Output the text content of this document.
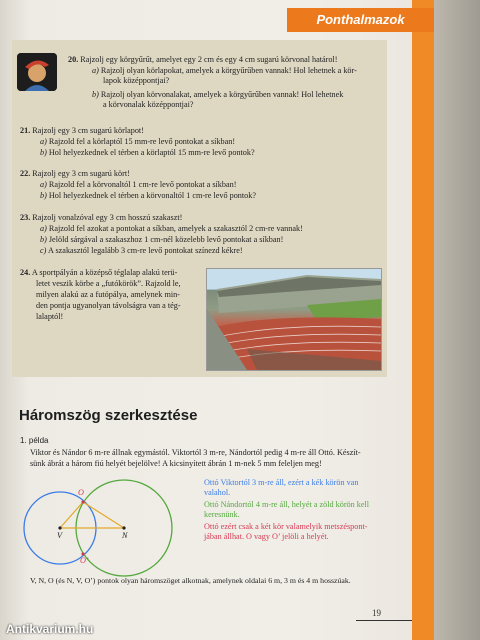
Ponthalmazok
20. Rajzolj egy körgyűrűt, amelyet egy 2 cm és egy 4 cm sugarú körvonal határol!
a) Rajzolj olyan körlapokat, amelyek a körgyűrűben vannak! Hol lehetnek a kör-
lapok középpontjai?
b) Rajzolj olyan körvonalakat, amelyek a körgyűrűben vannak! Hol lehetnek
a körvonalak középpontjai?
21. Rajzolj egy 3 cm sugarú körlapot!
a) Rajzold fel a körlaptól 15 mm-re levő pontokat a síkban!
b) Hol helyezkednek el térben a körlaptól 15 mm-re levő pontok?
22. Rajzolj egy 3 cm sugarú kört!
a) Rajzold fel a körvonaltól 1 cm-re levő pontokat a síkban!
b) Hol helyezkednek el térben a körvonaltól 1 cm-re levő pontok?
23. Rajzolj vonalzóval egy 3 cm hosszú szakaszt!
a) Rajzold fel azokat a pontokat a síkban, amelyek a szakasztól 2 cm-re vannak!
b) Jelöld sárgával a szakaszhoz 1 cm-nél közelebb levő pontokat a síkban!
c) A szakasztól legalább 3 cm-re levő pontokat színezd kékre!
24. A sportpályán a középső téglalap alakú terü-
letet veszik körbe a „futókörök”. Rajzold le,
milyen alakú az a futópálya, amelynek min-
den pontja ugyanolyan távolságra van a tég-
lalaptól!
Háromszög szerkesztése
1. példa
Viktor és Nándor 6 m-re állnak egymástól. Viktortól 3 m-re, Nándortól pedig 4 m-re áll Ottó. Készít-
sünk ábrát a három fiú helyét bejelölve! A kicsinyített ábrán 1 m-nek 5 mm feleljen meg!
O
O’
V	N
Ottó Viktortól 3 m-re áll, ezért a kék körön van
valahol.
Ottó Nándortól 4 m-re áll, helyét a zöld körön kell
keresnünk.
Ottó ezért csak a két kör valamelyik metszéspont-
jában állhat. O vagy O’ jelöli a helyét.
V, N, O (és N, V, O’) pontok olyan háromszöget alkotnak, amelynek oldalai 6 m, 3 m és 4 m hosszúak.
19
Antikvarium.hu
